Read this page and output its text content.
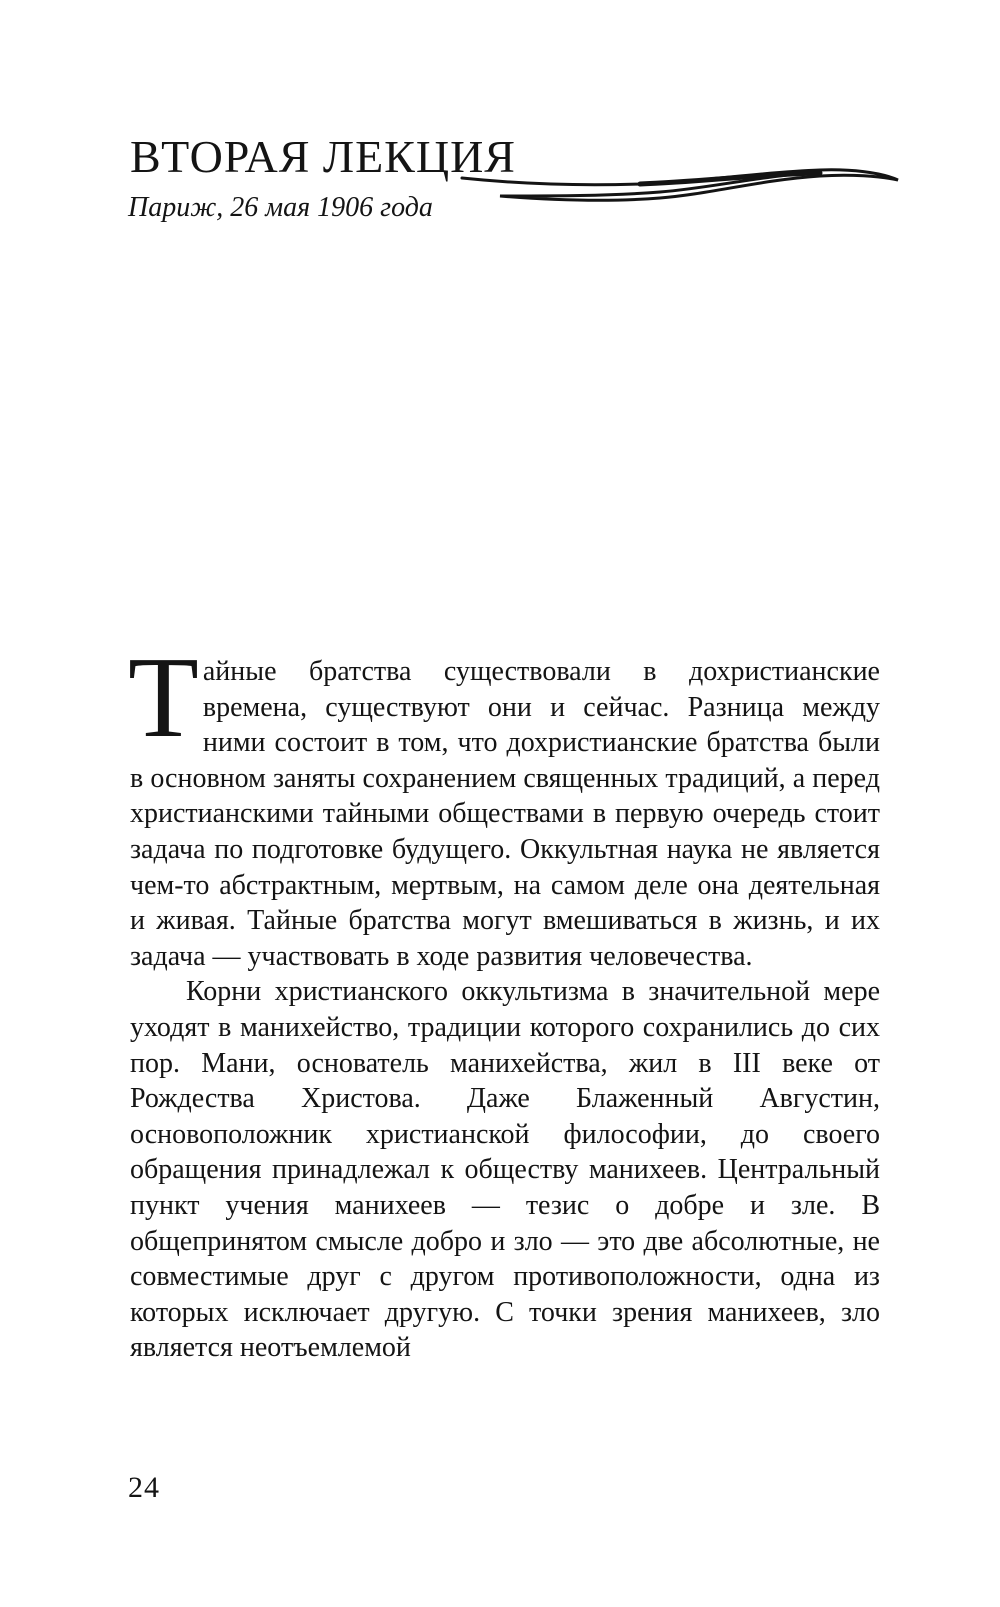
ВТОРАЯ ЛЕКЦИЯ
Париж, 26 мая 1906 года

Тайные братства существовали в дохристианские времена, существуют они и сейчас. Разница между ними состоит в том, что дохристианские братства были в основном заняты сохранением священных традиций, а перед христианскими тайными обществами в первую очередь стоит задача по подготовке будущего. Оккультная наука не является чем-то абстрактным, мертвым, на самом деле она деятельная и живая. Тайные братства могут вмешиваться в жизнь, и их задача — участвовать в ходе развития человечества.

Корни христианского оккультизма в значительной мере уходят в манихейство, традиции которого сохранились до сих пор. Мани, основатель манихейства, жил в III веке от Рождества Христова. Даже Блаженный Августин, основоположник христианской философии, до своего обращения принадлежал к обществу манихеев. Центральный пункт учения манихеев — тезис о добре и зле. В общепринятом смысле добро и зло — это две абсолютные, не совместимые друг с другом противоположности, одна из которых исключает другую. С точки зрения манихеев, зло является неотъемлемой

24
